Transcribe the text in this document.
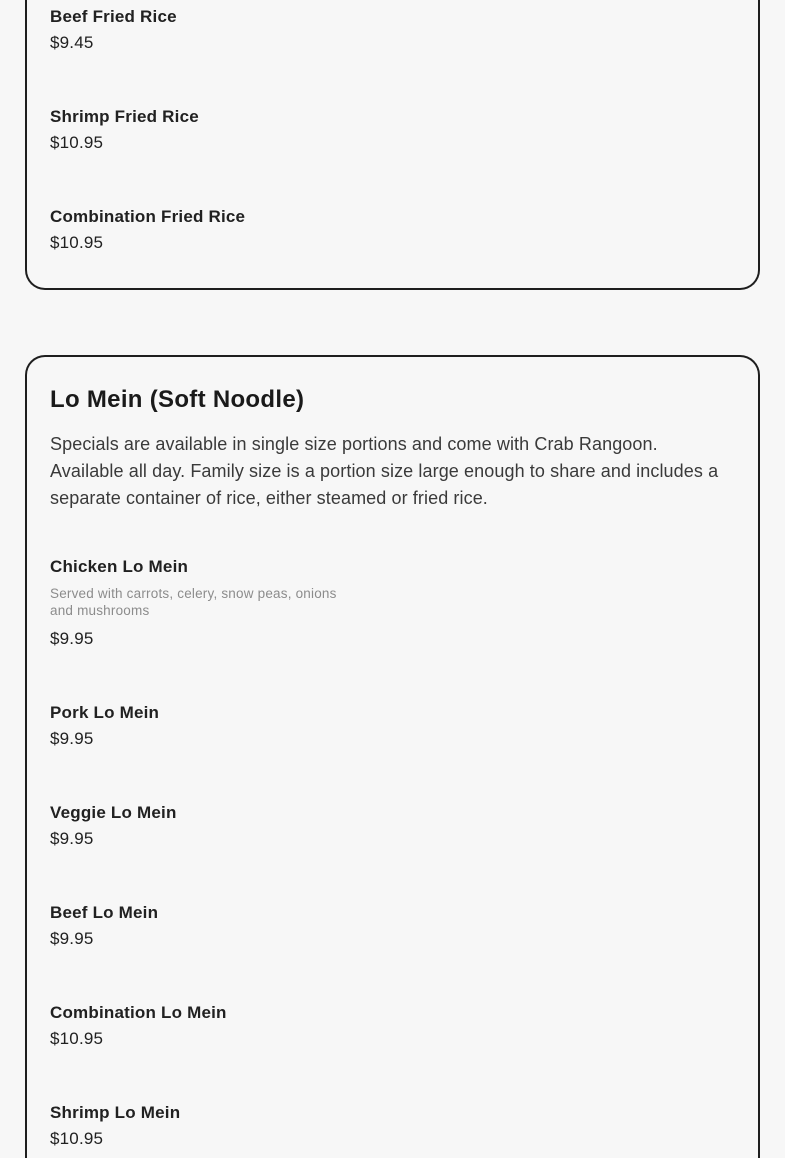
Beef Fried Rice
$9.45
Shrimp Fried Rice
$10.95
Combination Fried Rice
$10.95
Lo Mein (Soft Noodle)

Specials are available in single size portions and come with Crab Rangoon. Available all day. Family size is a portion size large enough to share and includes a separate container of rice, either steamed or fried rice.

Chicken Lo Mein
Served with carrots, celery, snow peas, onions and mushrooms
$9.95
Pork Lo Mein
$9.95
Veggie Lo Mein
$9.95
Beef Lo Mein
$9.95
Combination Lo Mein
$10.95
Shrimp Lo Mein
$10.95
